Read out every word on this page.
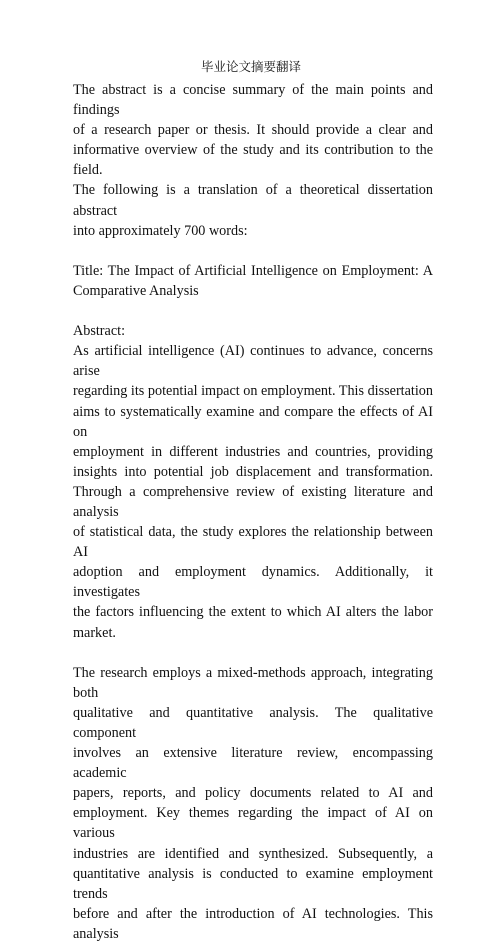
毕业论文摘要翻译
The abstract is a concise summary of the main points and findings
of a research paper or thesis. It should provide a clear and
informative overview of the study and its contribution to the field.
The following is a translation of a theoretical dissertation abstract
into approximately 700 words:
Title: The Impact of Artificial Intelligence on Employment: A
Comparative Analysis
Abstract:
As artificial intelligence (AI) continues to advance, concerns arise
regarding its potential impact on employment. This dissertation
aims to systematically examine and compare the effects of AI on
employment in different industries and countries, providing
insights into potential job displacement and transformation.
Through a comprehensive review of existing literature and analysis
of statistical data, the study explores the relationship between AI
adoption and employment dynamics. Additionally, it investigates
the factors influencing the extent to which AI alters the labor
market.
The research employs a mixed-methods approach, integrating both
qualitative and quantitative analysis. The qualitative component
involves an extensive literature review, encompassing academic
papers, reports, and policy documents related to AI and
employment. Key themes regarding the impact of AI on various
industries are identified and synthesized. Subsequently, a
quantitative analysis is conducted to examine employment trends
before and after the introduction of AI technologies. This analysis
